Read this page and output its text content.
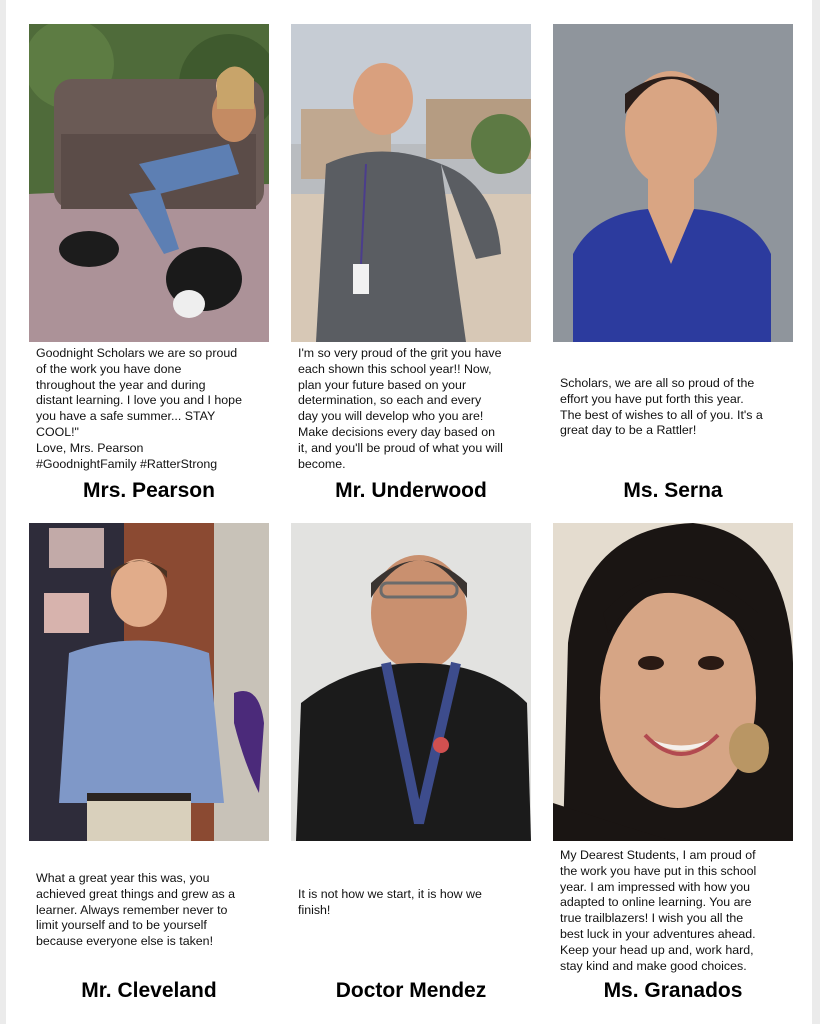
Goodnight Scholars we are so proud
of the work you have done
throughout the year and during
distant learning. I love you and I hope
you have a safe summer... STAY
COOL!"
Love, Mrs. Pearson
#GoodnightFamily #RatterStrong
Mrs. Pearson
I'm so very proud of the grit you have
each shown this school year!! Now,
plan your future based on your
determination, so each and every
day you will develop who you are!
Make decisions every day based on
it, and you'll be proud of what you will
become.
Mr. Underwood
Scholars, we are all so proud of the
effort you have put forth this year.
The best of wishes to all of you. It's a
great day to be a Rattler!
Ms. Serna
What a great year this was, you
achieved great things and grew as a
learner. Always remember never to
limit yourself and to be yourself
because everyone else is taken!
Mr. Cleveland
It is not how we start, it is how we
finish!
Doctor Mendez
My Dearest Students, I am proud of
the work you have put in this school
year. I am impressed with how you
adapted to online learning. You are
true trailblazers! I wish you all the
best luck in your adventures ahead.
Keep your head up and, work hard,
stay kind and make good choices.
Ms. Granados
